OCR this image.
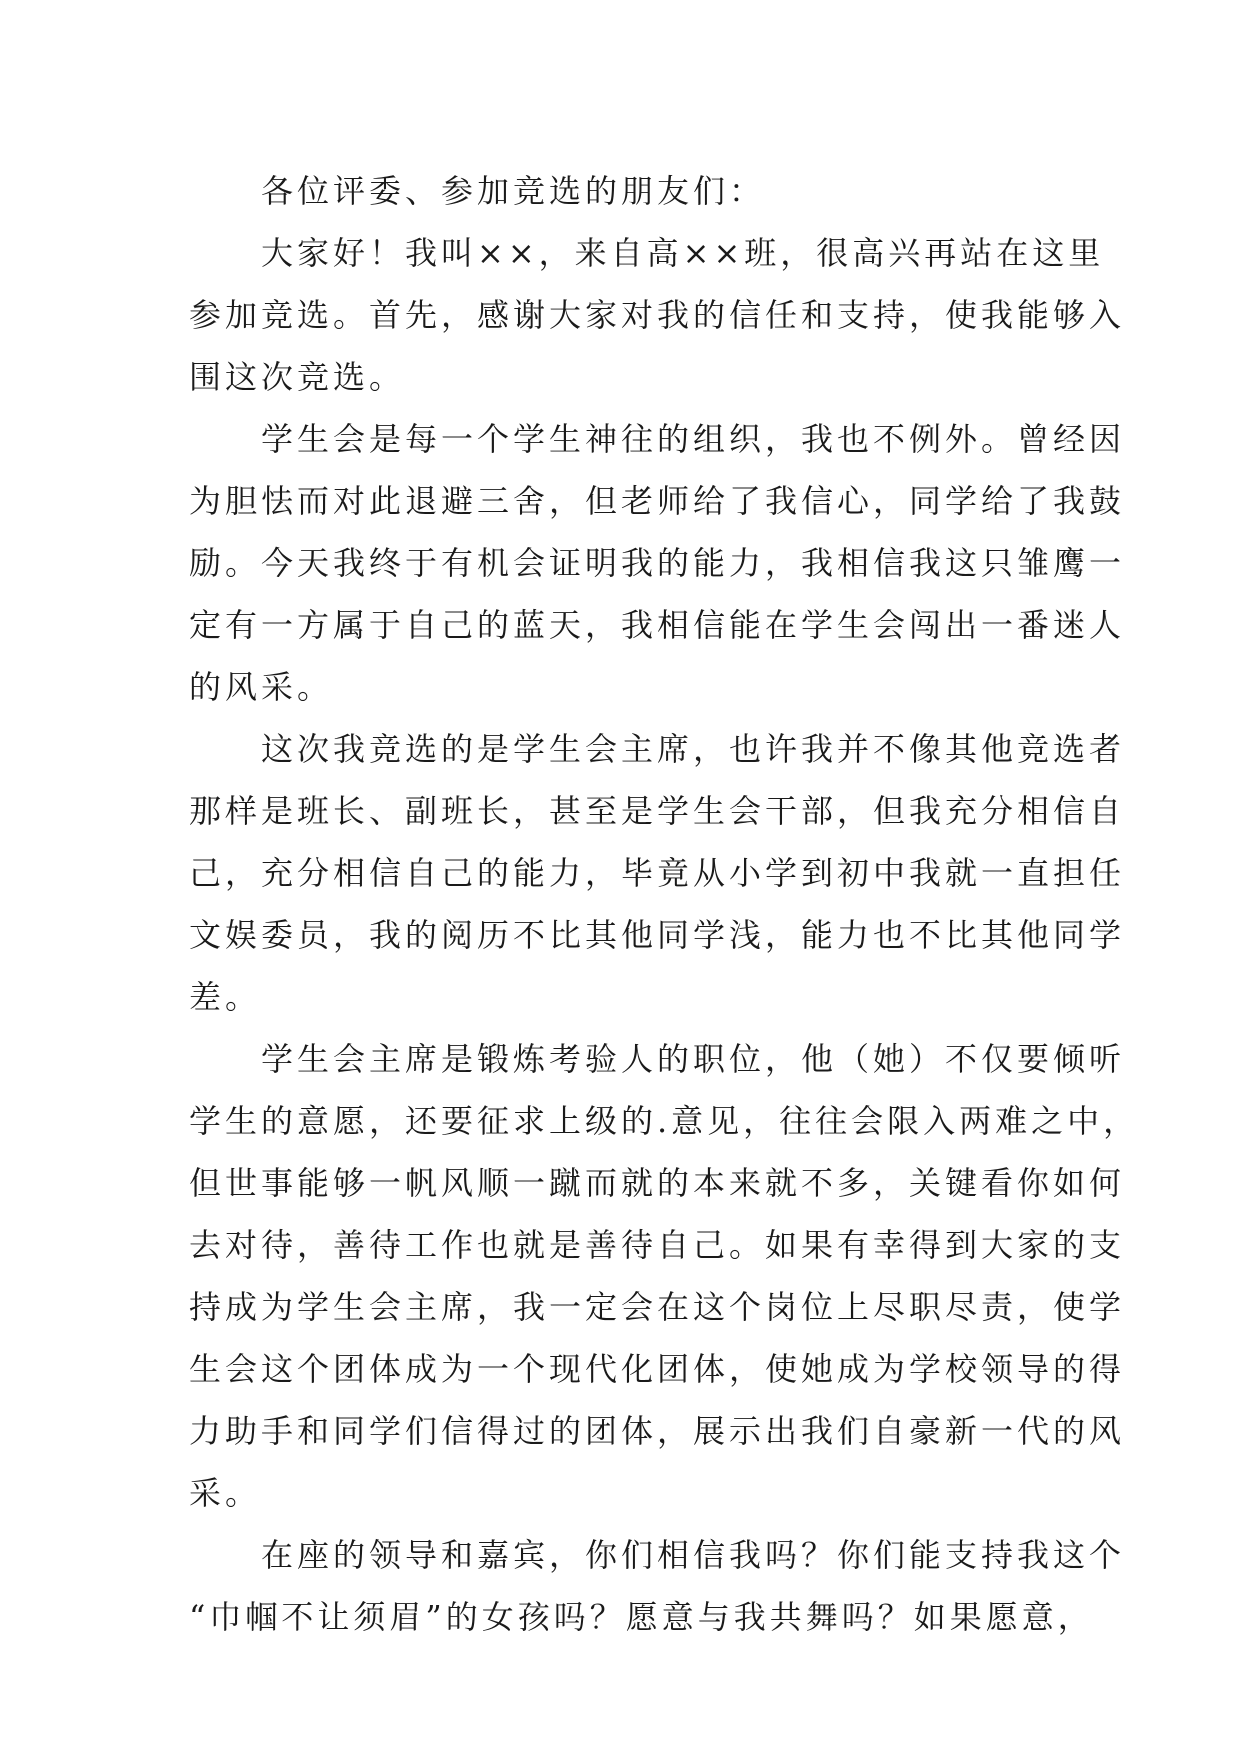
　　各位评委、参加竞选的朋友们：
　　大家好！我叫××，来自高××班，很高兴再站在这里
参加竞选。首先，感谢大家对我的信任和支持，使我能够入
围这次竞选。
　　学生会是每一个学生神往的组织，我也不例外。曾经因
为胆怯而对此退避三舍，但老师给了我信心，同学给了我鼓
励。今天我终于有机会证明我的能力，我相信我这只雏鹰一
定有一方属于自己的蓝天，我相信能在学生会闯出一番迷人
的风采。
　　这次我竞选的是学生会主席，也许我并不像其他竞选者
那样是班长、副班长，甚至是学生会干部，但我充分相信自
己，充分相信自己的能力，毕竟从小学到初中我就一直担任
文娱委员，我的阅历不比其他同学浅，能力也不比其他同学
差。
　　学生会主席是锻炼考验人的职位，他（她）不仅要倾听
学生的意愿，还要征求上级的.意见，往往会限入两难之中，
但世事能够一帆风顺一蹴而就的本来就不多，关键看你如何
去对待，善待工作也就是善待自己。如果有幸得到大家的支
持成为学生会主席，我一定会在这个岗位上尽职尽责，使学
生会这个团体成为一个现代化团体，使她成为学校领导的得
力助手和同学们信得过的团体，展示出我们自豪新一代的风
采。
　　在座的领导和嘉宾，你们相信我吗？你们能支持我这个
“巾帼不让须眉”的女孩吗？愿意与我共舞吗？如果愿意，
